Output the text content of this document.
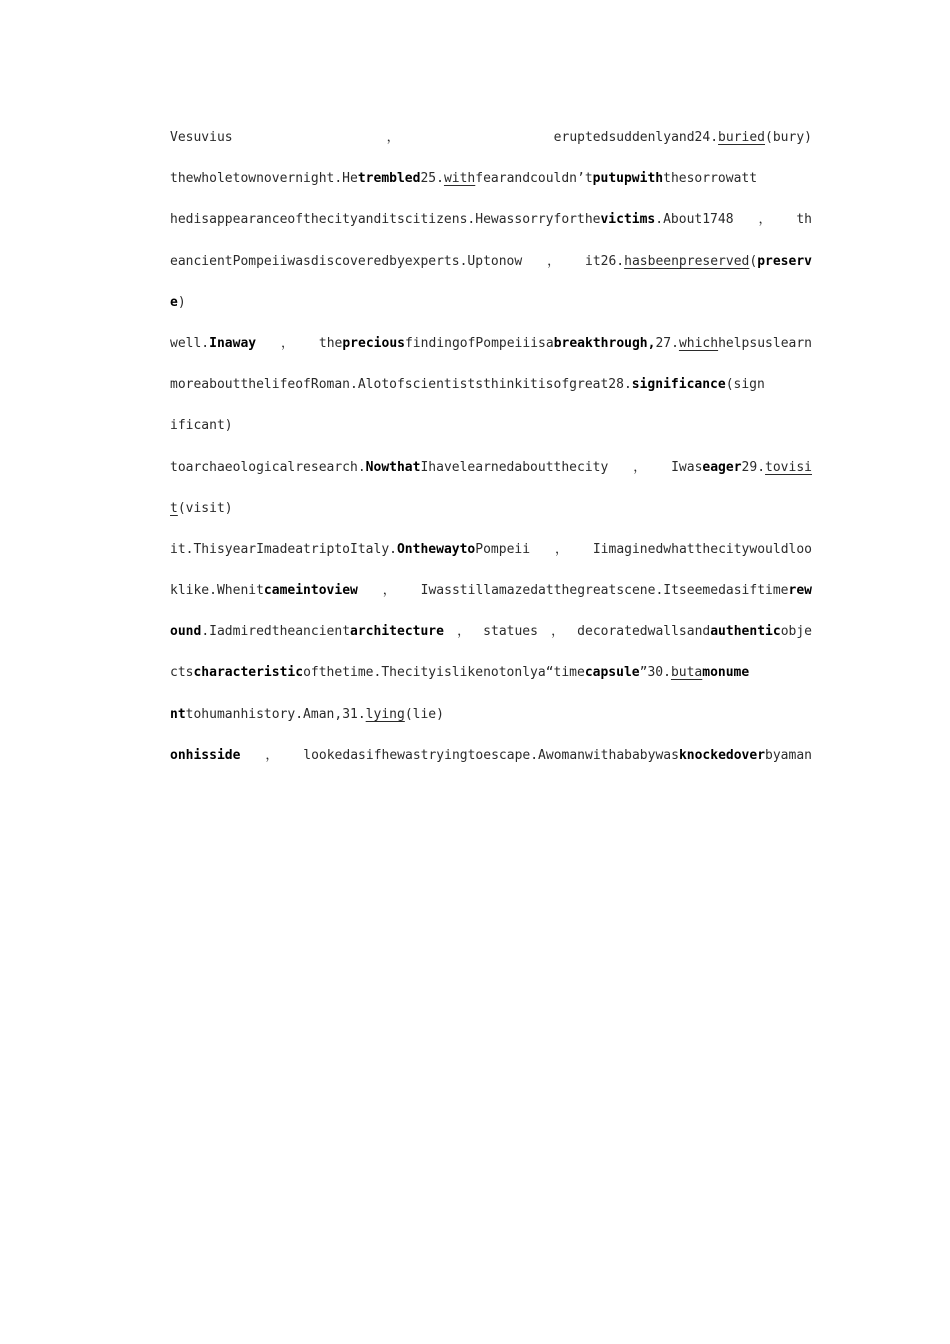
Vesuvius	，	eruptedsuddenlyand24.buried(bury)
thewholetownovernight.Hetrembled25.withfearandcouldn’tputupwiththesorrowatt
hedisappearanceofthecityanditscitizens.Hewassorryforthevictims.About1748，th
eancientPompeiiwasdiscoveredbyexperts.Uptonow，it26.hasbeenpreserved(preserv
e)
well.Inaway，thepreciousfindingofPompeiiisabreakthrough,27.whichhelpsuslearn
moreaboutthelifeofRoman.Alotofscientiststhinkitisofgreat28.significance(sign
ificant)
toarchaeologicalresearch.NowthatIhavelearnedaboutthecity，Iwaseager29.tovisi
t(visit)
it.ThisyearImadeatriptoItaly.OnthewaytoPompeii，Iimaginedwhatthecitywouldloo
klike.Whenitcameintoview，Iwasstillamazedatthegreatscene.Itseemedasiftimerew
ound.Iadmiredtheancientarchitecture，statues，decoratedwallsandauthenticobje
ctscharacteristicofthetime.Thecityislikenotonlya“timecapsule”30.butamonume
nttohumanhistory.Aman,31.lying(lie)
onhisside，lookedasifhewastryingtoescape.Awomanwithababywasknockedoverbyaman
